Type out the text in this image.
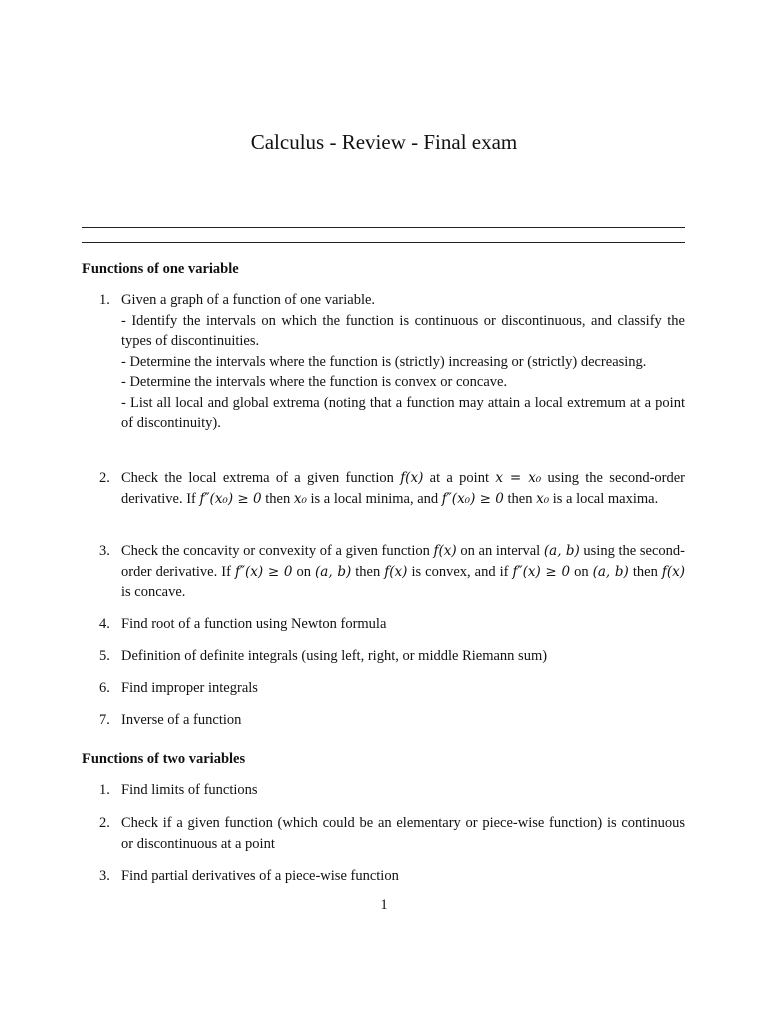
Calculus - Review - Final exam
Functions of one variable
1. Given a graph of a function of one variable.

- Identify the intervals on which the function is continuous or discontinuous, and classify the types of discontinuities.

- Determine the intervals where the function is (strictly) increasing or (strictly) decreasing.

- Determine the intervals where the function is convex or concave.

- List all local and global extrema (noting that a function may attain a local extremum at a point of discontinuity).

2. Check the local extrema of a given function f(x) at a point x = x₀ using the second-order derivative. If f″(x₀) ≥ 0 then x₀ is a local minima, and f″(x₀) ≥ 0 then x₀ is a local maxima.

3. Check the concavity or convexity of a given function f(x) on an interval (a, b) using the second-order derivative. If f″(x) ≥ 0 on (a, b) then f(x) is convex, and if f″(x) ≥ 0 on (a, b) then f(x) is concave.

4. Find root of a function using Newton formula

5. Definition of definite integrals (using left, right, or middle Riemann sum)

6. Find improper integrals

7. Inverse of a function

Functions of two variables
1. Find limits of functions

2. Check if a given function (which could be an elementary or piece-wise function) is continuous or discontinuous at a point

3. Find partial derivatives of a piece-wise function

1
